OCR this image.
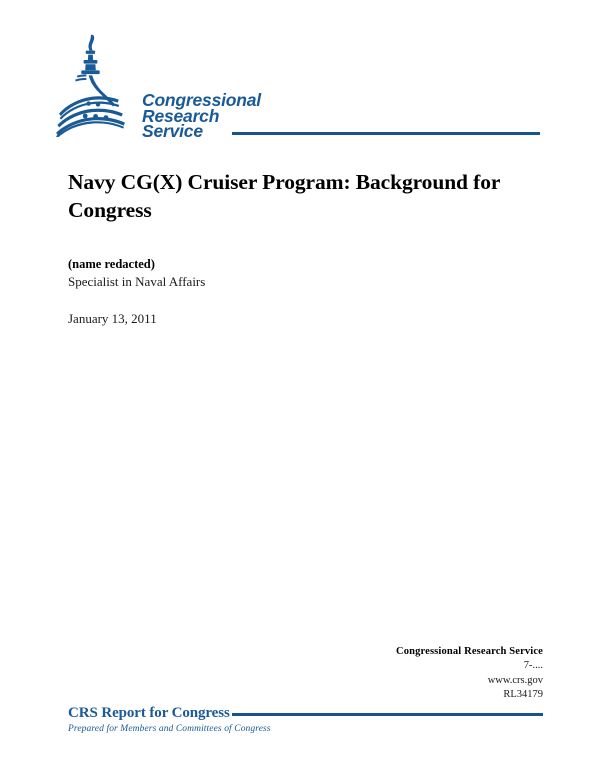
Congressional
Research
Service
Navy CG(X) Cruiser Program: Background for Congress
(name redacted)
Specialist in Naval Affairs
January 13, 2011
Congressional Research Service
7-....
www.crs.gov
RL34179
CRS Report for Congress
Prepared for Members and Committees of Congress
